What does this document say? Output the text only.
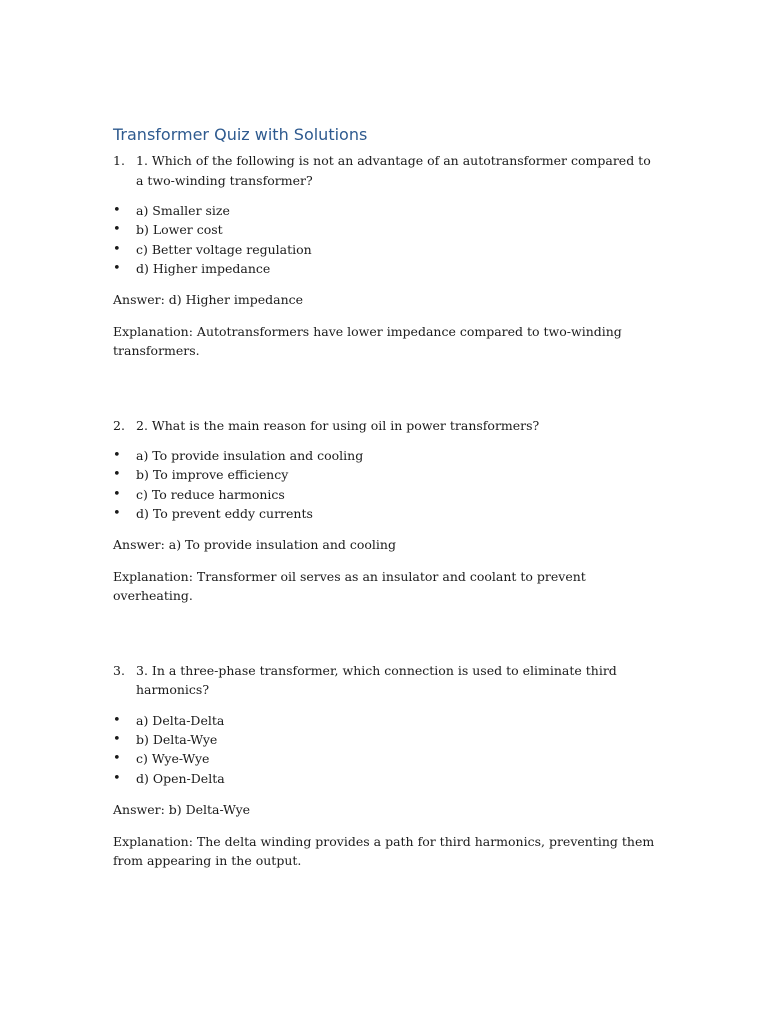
Transformer Quiz with Solutions
1. 1. Which of the following is not an advantage of an autotransformer compared to a two-winding transformer?
•	a) Smaller size
•	b) Lower cost
•	c) Better voltage regulation
•	d) Higher impedance

Answer: d) Higher impedance

Explanation: Autotransformers have lower impedance compared to two-winding transformers.

2. 2. What is the main reason for using oil in power transformers?
•	a) To provide insulation and cooling
•	b) To improve efficiency
•	c) To reduce harmonics
•	d) To prevent eddy currents

Answer: a) To provide insulation and cooling

Explanation: Transformer oil serves as an insulator and coolant to prevent overheating.

3. 3. In a three-phase transformer, which connection is used to eliminate third harmonics?
•	a) Delta-Delta
•	b) Delta-Wye
•	c) Wye-Wye
•	d) Open-Delta

Answer: b) Delta-Wye

Explanation: The delta winding provides a path for third harmonics, preventing them from appearing in the output.
